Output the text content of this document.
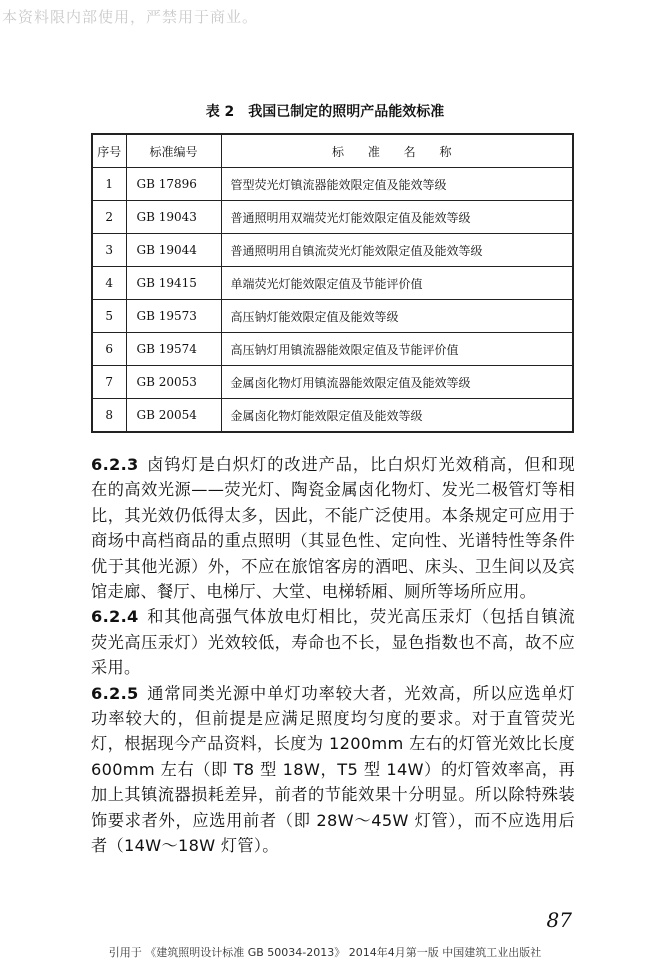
本资料限内部使用，严禁用于商业。
表 2　我国已制定的照明产品能效标准
序号	标准编号	标 准 名 称
1	GB 17896	管型荧光灯镇流器能效限定值及能效等级
2	GB 19043	普通照明用双端荧光灯能效限定值及能效等级
3	GB 19044	普通照明用自镇流荧光灯能效限定值及能效等级
4	GB 19415	单端荧光灯能效限定值及节能评价值
5	GB 19573	高压钠灯能效限定值及能效等级
6	GB 19574	高压钠灯用镇流器能效限定值及节能评价值
7	GB 20053	金属卤化物灯用镇流器能效限定值及能效等级
8	GB 20054	金属卤化物灯能效限定值及能效等级

6.2.3 卤钨灯是白炽灯的改进产品，比白炽灯光效稍高，但和现在的高效光源——荧光灯、陶瓷金属卤化物灯、发光二极管灯等相比，其光效仍低得太多，因此，不能广泛使用。本条规定可应用于商场中高档商品的重点照明（其显色性、定向性、光谱特性等条件优于其他光源）外，不应在旅馆客房的酒吧、床头、卫生间以及宾馆走廊、餐厅、电梯厅、大堂、电梯轿厢、厕所等场所应用。

6.2.4 和其他高强气体放电灯相比，荧光高压汞灯（包括自镇流荧光高压汞灯）光效较低，寿命也不长，显色指数也不高，故不应采用。

6.2.5 通常同类光源中单灯功率较大者，光效高，所以应选单灯功率较大的，但前提是应满足照度均匀度的要求。对于直管荧光灯，根据现今产品资料，长度为 1200mm 左右的灯管光效比长度 600mm 左右（即 T8 型 18W，T5 型 14W）的灯管效率高，再加上其镇流器损耗差异，前者的节能效果十分明显。所以除特殊装饰要求者外，应选用前者（即 28W～45W 灯管），而不应选用后者（14W～18W 灯管）。

87
引用于 《建筑照明设计标准 GB 50034-2013》 2014年4月第一版 中国建筑工业出版社
